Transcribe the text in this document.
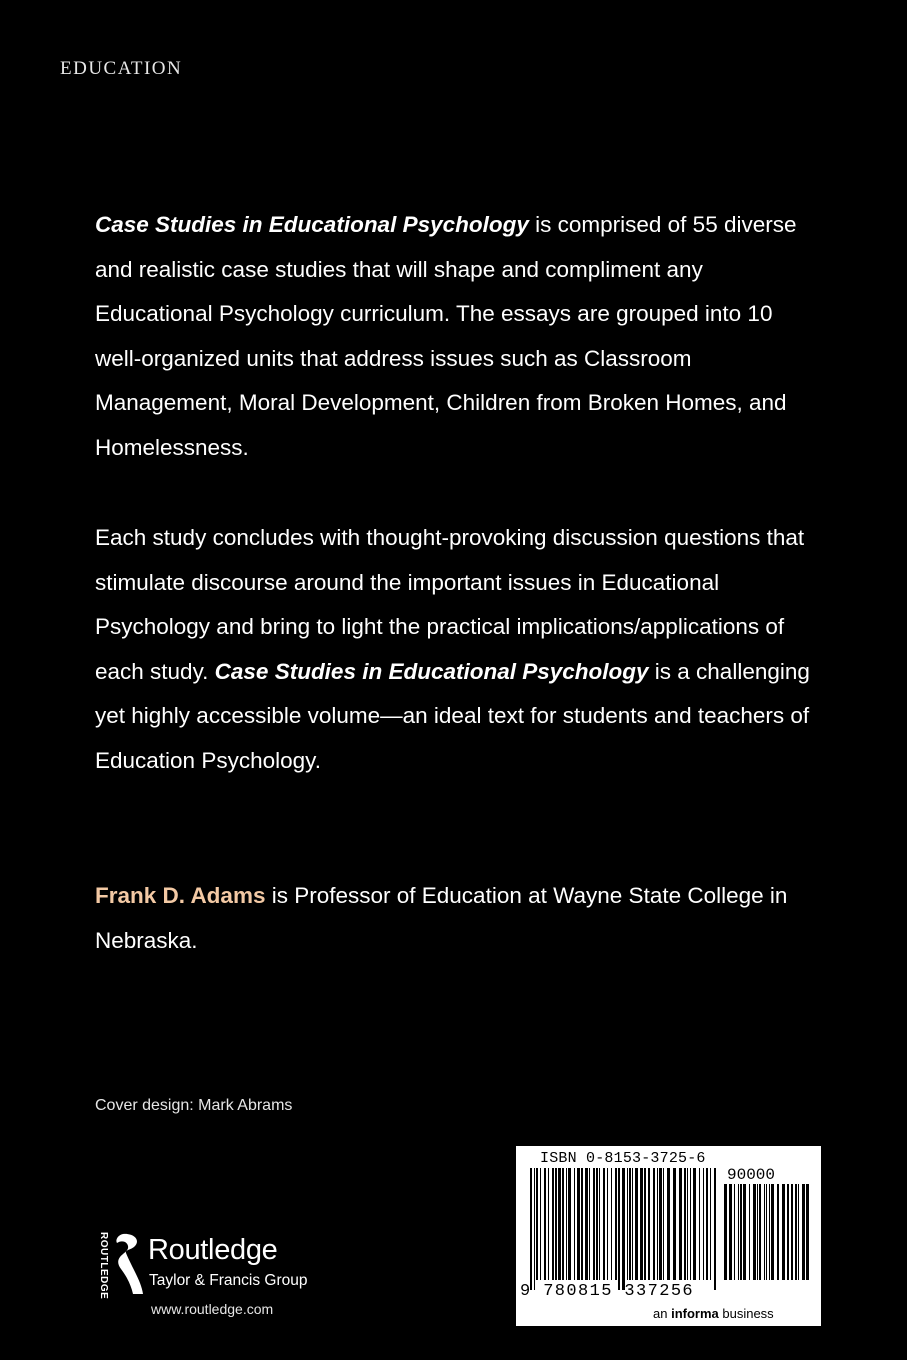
EDUCATION

Case Studies in Educational Psychology is comprised of 55 diverse and realistic case studies that will shape and compliment any Educational Psychology curriculum. The essays are grouped into 10 well-organized units that address issues such as Classroom Management, Moral Development, Children from Broken Homes, and Homelessness.

Each study concludes with thought-provoking discussion questions that stimulate discourse around the important issues in Educational Psychology and bring to light the practical implications/applications of each study. Case Studies in Educational Psychology is a challenging yet highly accessible volume—an ideal text for students and teachers of Education Psychology.

Frank D. Adams is Professor of Education at Wayne State College in Nebraska.

Cover design: Mark Abrams
ROUTLEDGE Routledge
Taylor & Francis Group
www.routledge.com
ISBN 0-8153-3725-6
90000
9 780815 337256
an informa business
